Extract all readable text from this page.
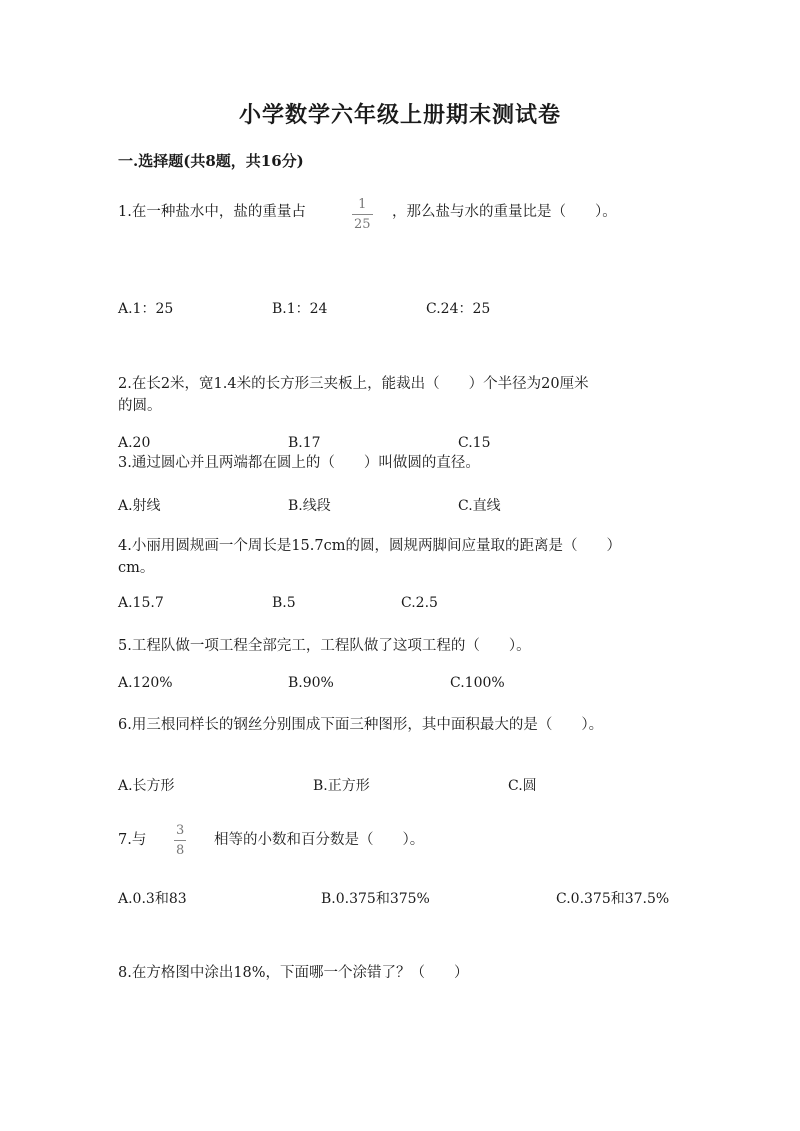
小学数学六年级上册期末测试卷
一.选择题(共8题，共16分)
1.在一种盐水中，盐的重量占	1
25
，那么盐与水的重量比是（　　）。
A.1：25	B.1：24	C.24：25
2.在长2米，宽1.4米的长方形三夹板上，能裁出（　　）个半径为20厘米
的圆。
A.20	B.17	C.15
3.通过圆心并且两端都在圆上的（　　）叫做圆的直径。
A.射线	B.线段	C.直线
4.小丽用圆规画一个周长是15.7cm的圆，圆规两脚间应量取的距离是（　　）
cm。
A.15.7	B.5	C.2.5
5.工程队做一项工程全部完工，工程队做了这项工程的（　　）。
A.120%	B.90%	C.100%
6.用三根同样长的钢丝分别围成下面三种图形，其中面积最大的是（　　）。
A.长方形	B.正方形	C.圆
7.与
3
8
相等的小数和百分数是（　　）。
A.0.3和83	B.0.375和375%	C.0.375和37.5%
8.在方格图中涂出18%，下面哪一个涂错了？（　　）
